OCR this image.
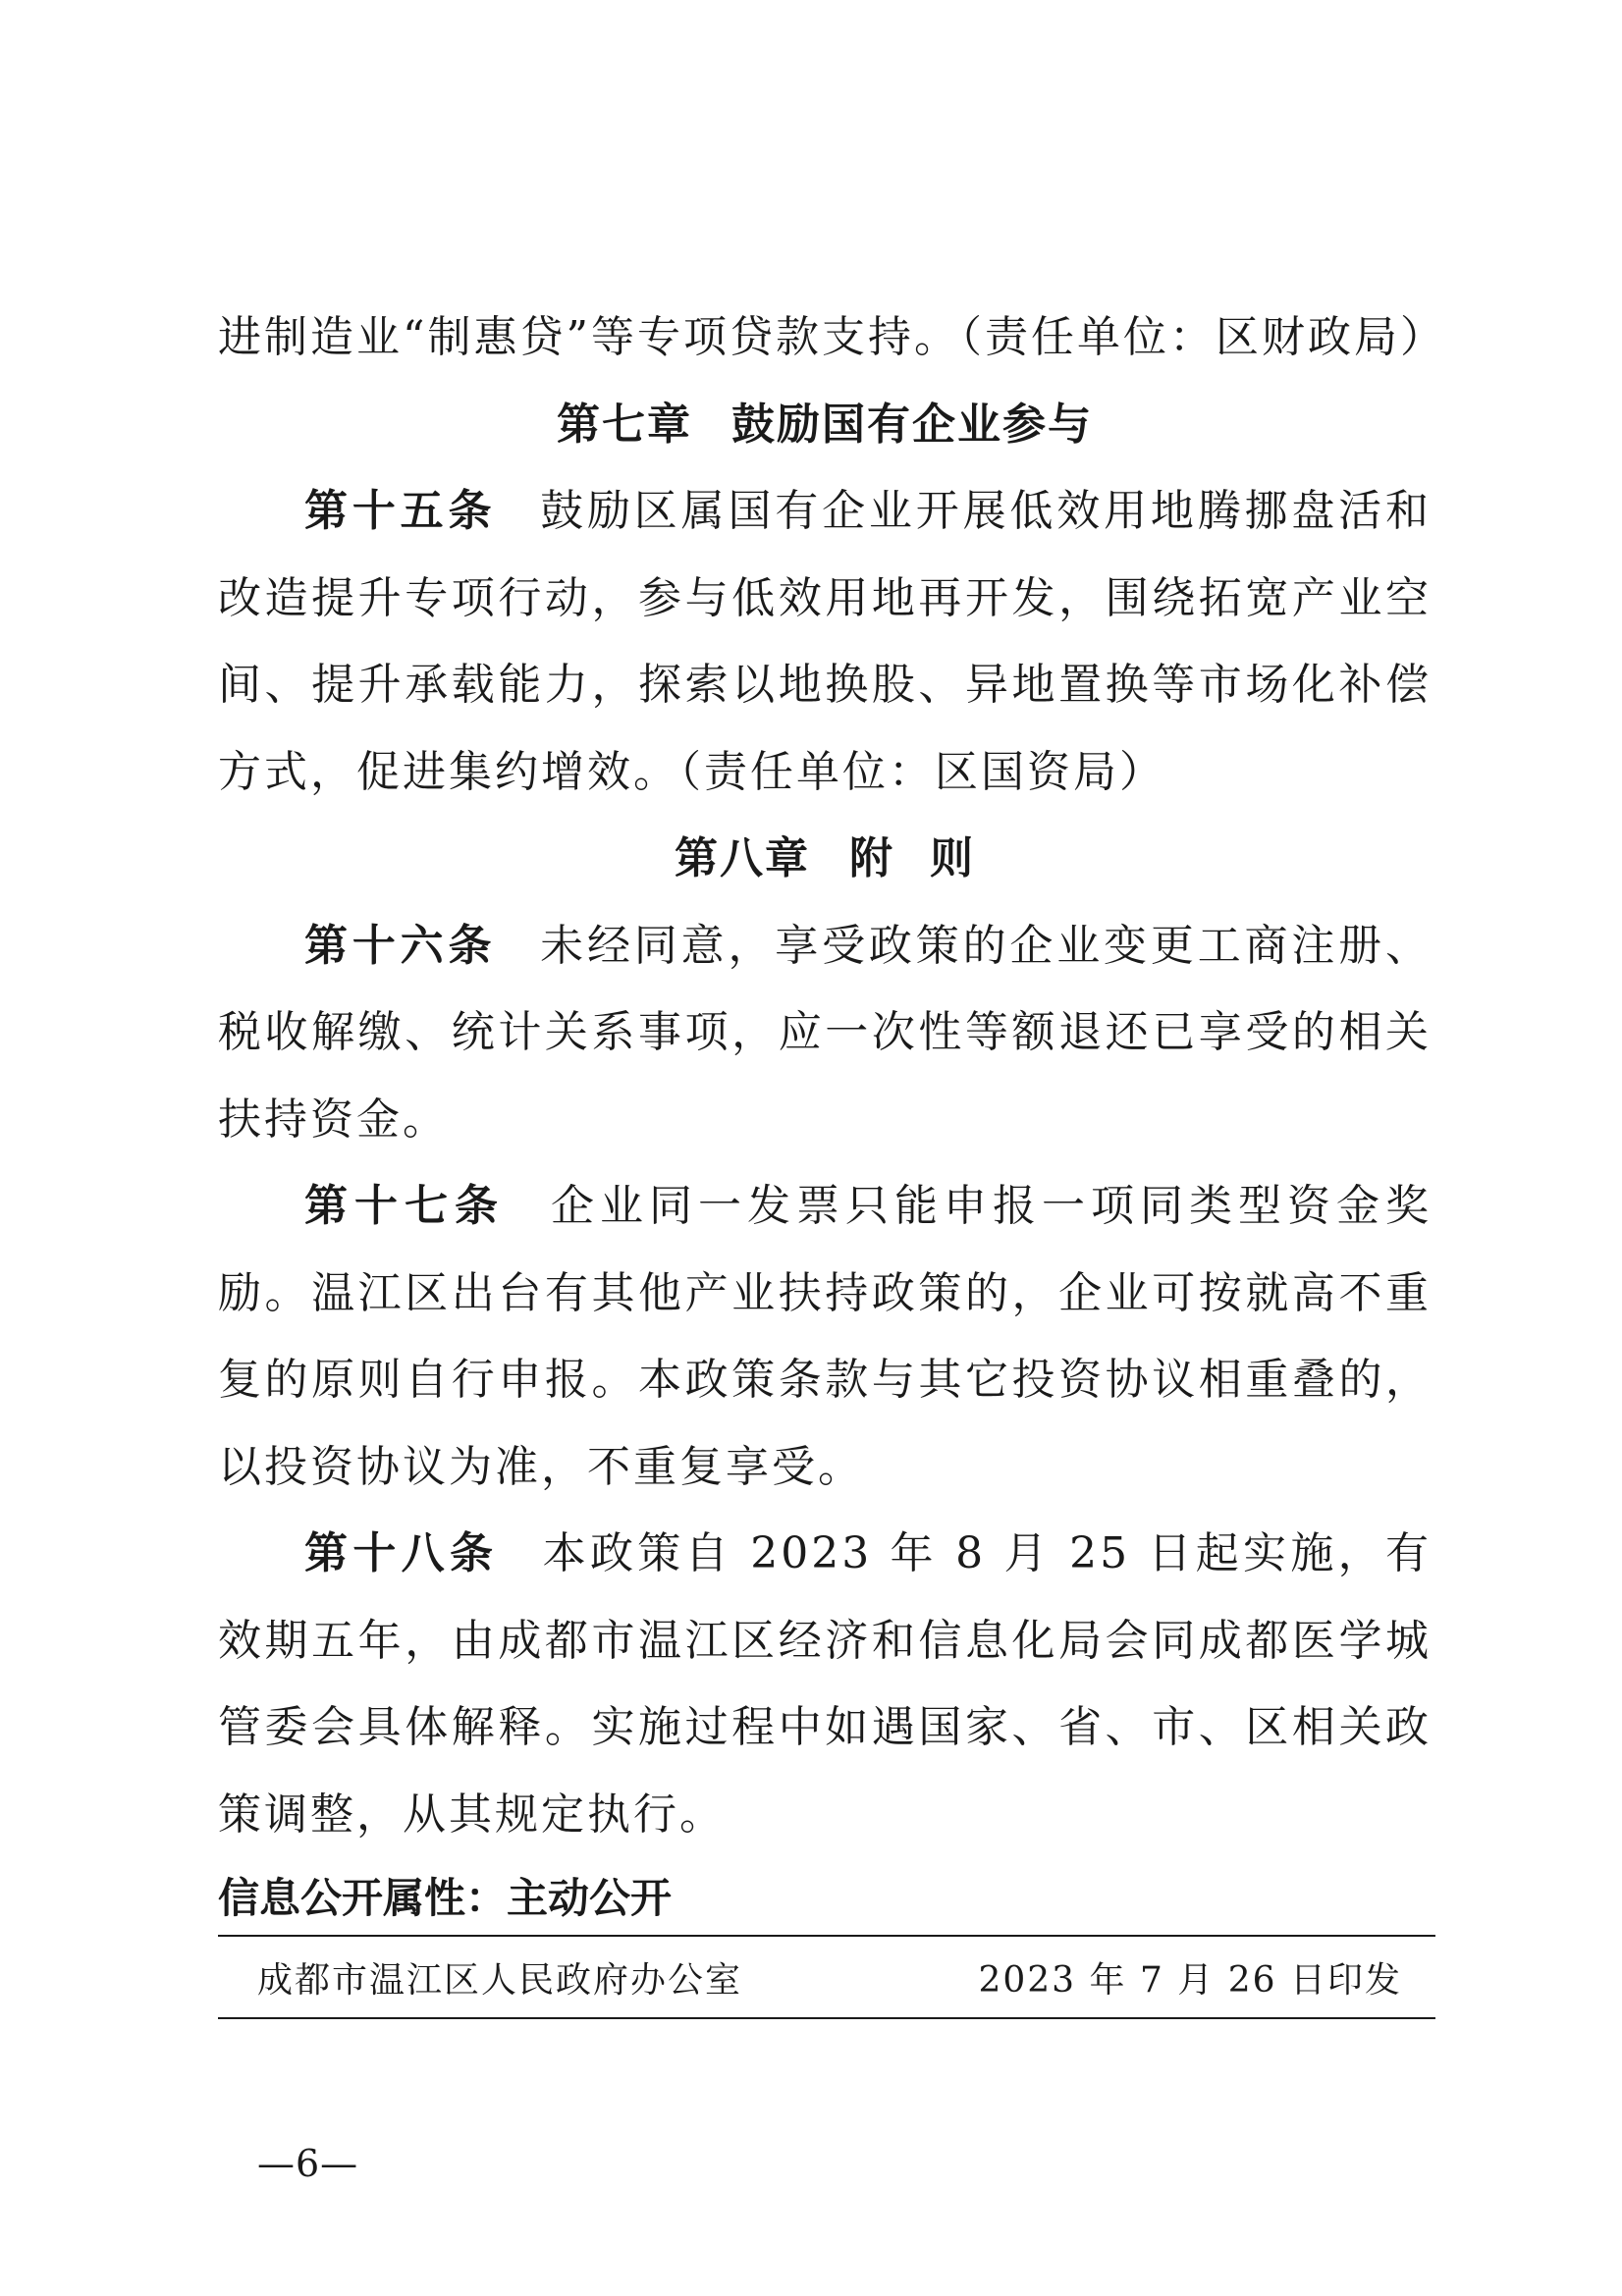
进制造业“制惠贷”等专项贷款支持。（责任单位：区财政局）

第七章 鼓励国有企业参与

第十五条 鼓励区属国有企业开展低效用地腾挪盘活和改造提升专项行动，参与低效用地再开发，围绕拓宽产业空间、提升承载能力，探索以地换股、异地置换等市场化补偿方式，促进集约增效。（责任单位：区国资局）

第八章 附 则

第十六条 未经同意，享受政策的企业变更工商注册、税收解缴、统计关系事项，应一次性等额退还已享受的相关扶持资金。

第十七条 企业同一发票只能申报一项同类型资金奖励。温江区出台有其他产业扶持政策的，企业可按就高不重复的原则自行申报。本政策条款与其它投资协议相重叠的，以投资协议为准，不重复享受。

第十八条 本政策自 2023 年 8 月 25 日起实施，有效期五年，由成都市温江区经济和信息化局会同成都医学城管委会具体解释。实施过程中如遇国家、省、市、区相关政策调整，从其规定执行。

信息公开属性：主动公开

成都市温江区人民政府办公室	2023 年 7 月 26 日印发
—6—
